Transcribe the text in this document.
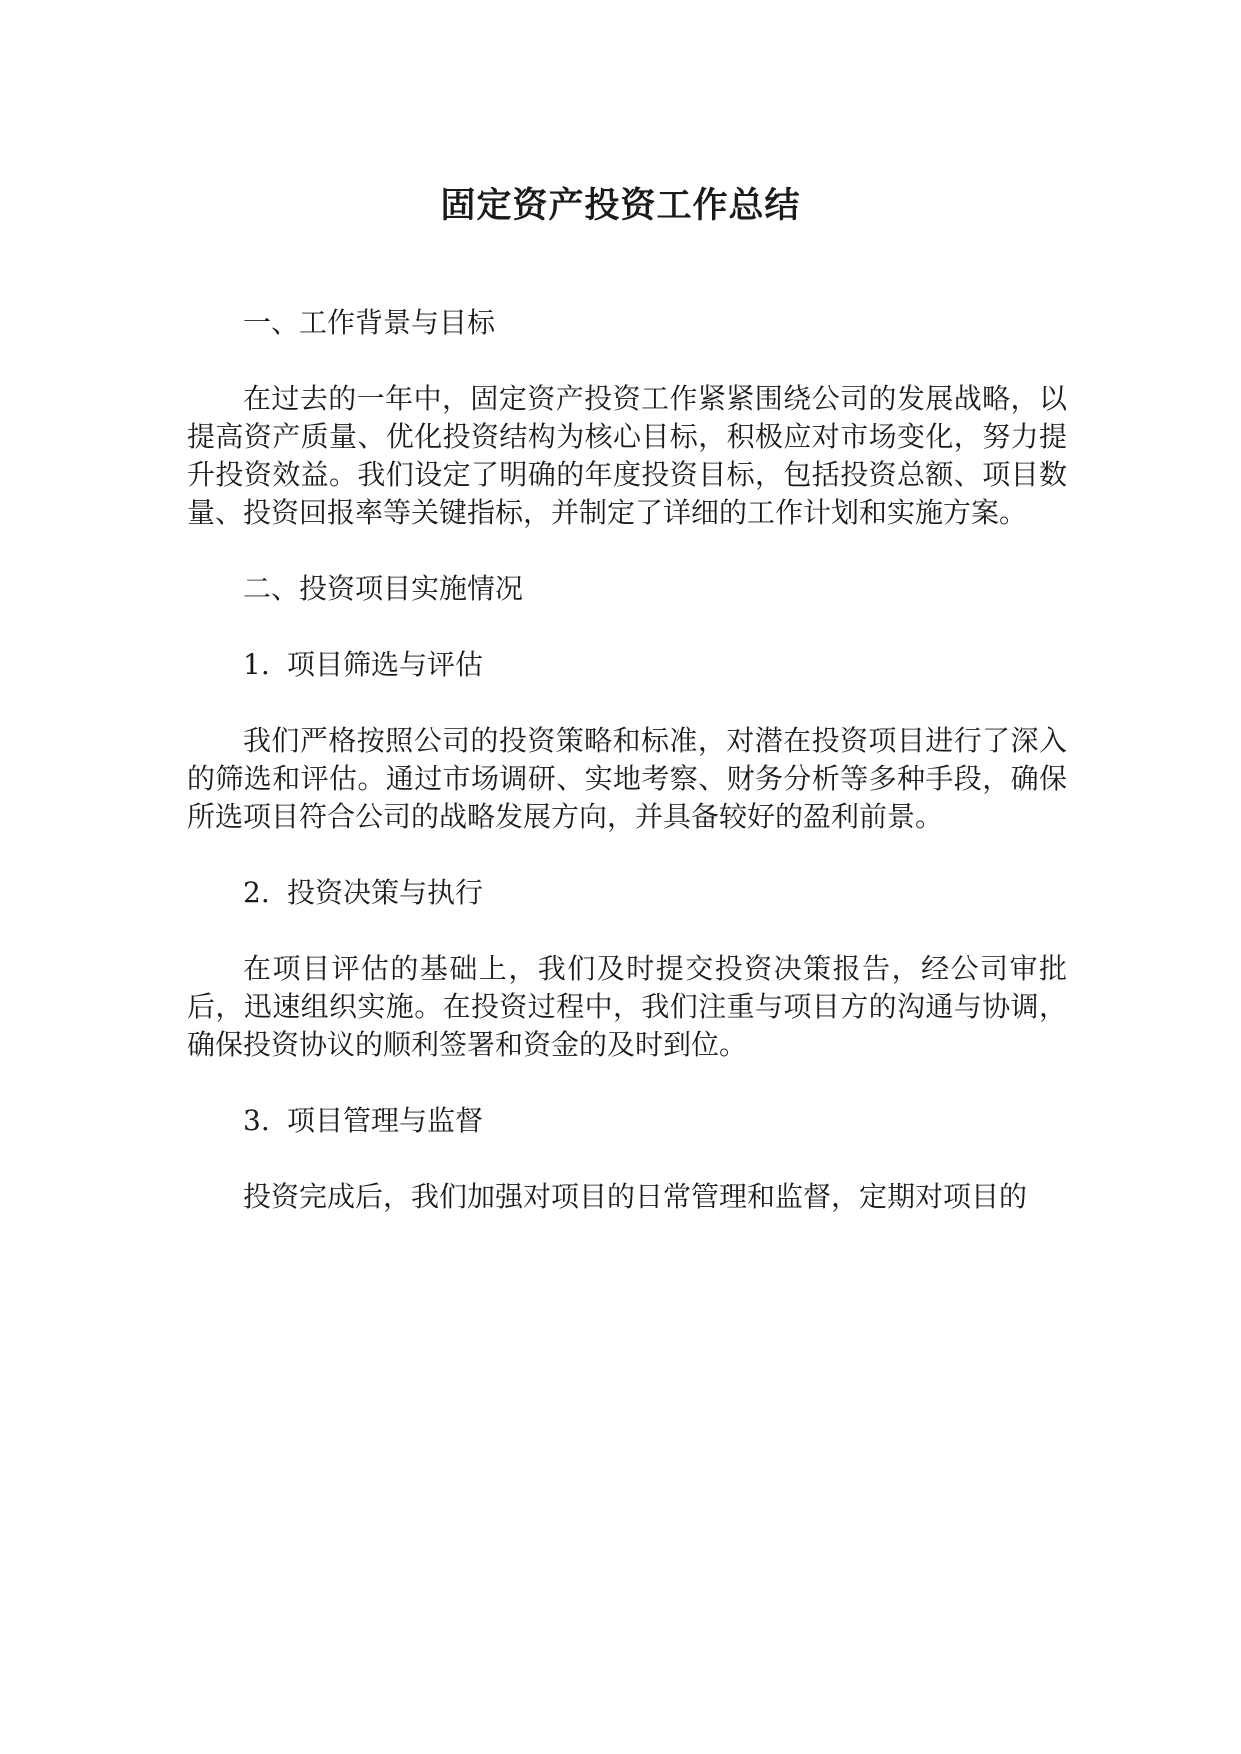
固定资产投资工作总结

一、工作背景与目标

在过去的一年中，固定资产投资工作紧紧围绕公司的发展战略，以提高资产质量、优化投资结构为核心目标，积极应对市场变化，努力提升投资效益。我们设定了明确的年度投资目标，包括投资总额、项目数量、投资回报率等关键指标，并制定了详细的工作计划和实施方案。

二、投资项目实施情况

1. 项目筛选与评估

我们严格按照公司的投资策略和标准，对潜在投资项目进行了深入的筛选和评估。通过市场调研、实地考察、财务分析等多种手段，确保所选项目符合公司的战略发展方向，并具备较好的盈利前景。

2. 投资决策与执行

在项目评估的基础上，我们及时提交投资决策报告，经公司审批后，迅速组织实施。在投资过程中，我们注重与项目方的沟通与协调，确保投资协议的顺利签署和资金的及时到位。

3. 项目管理与监督

投资完成后，我们加强对项目的日常管理和监督，定期对项目的
